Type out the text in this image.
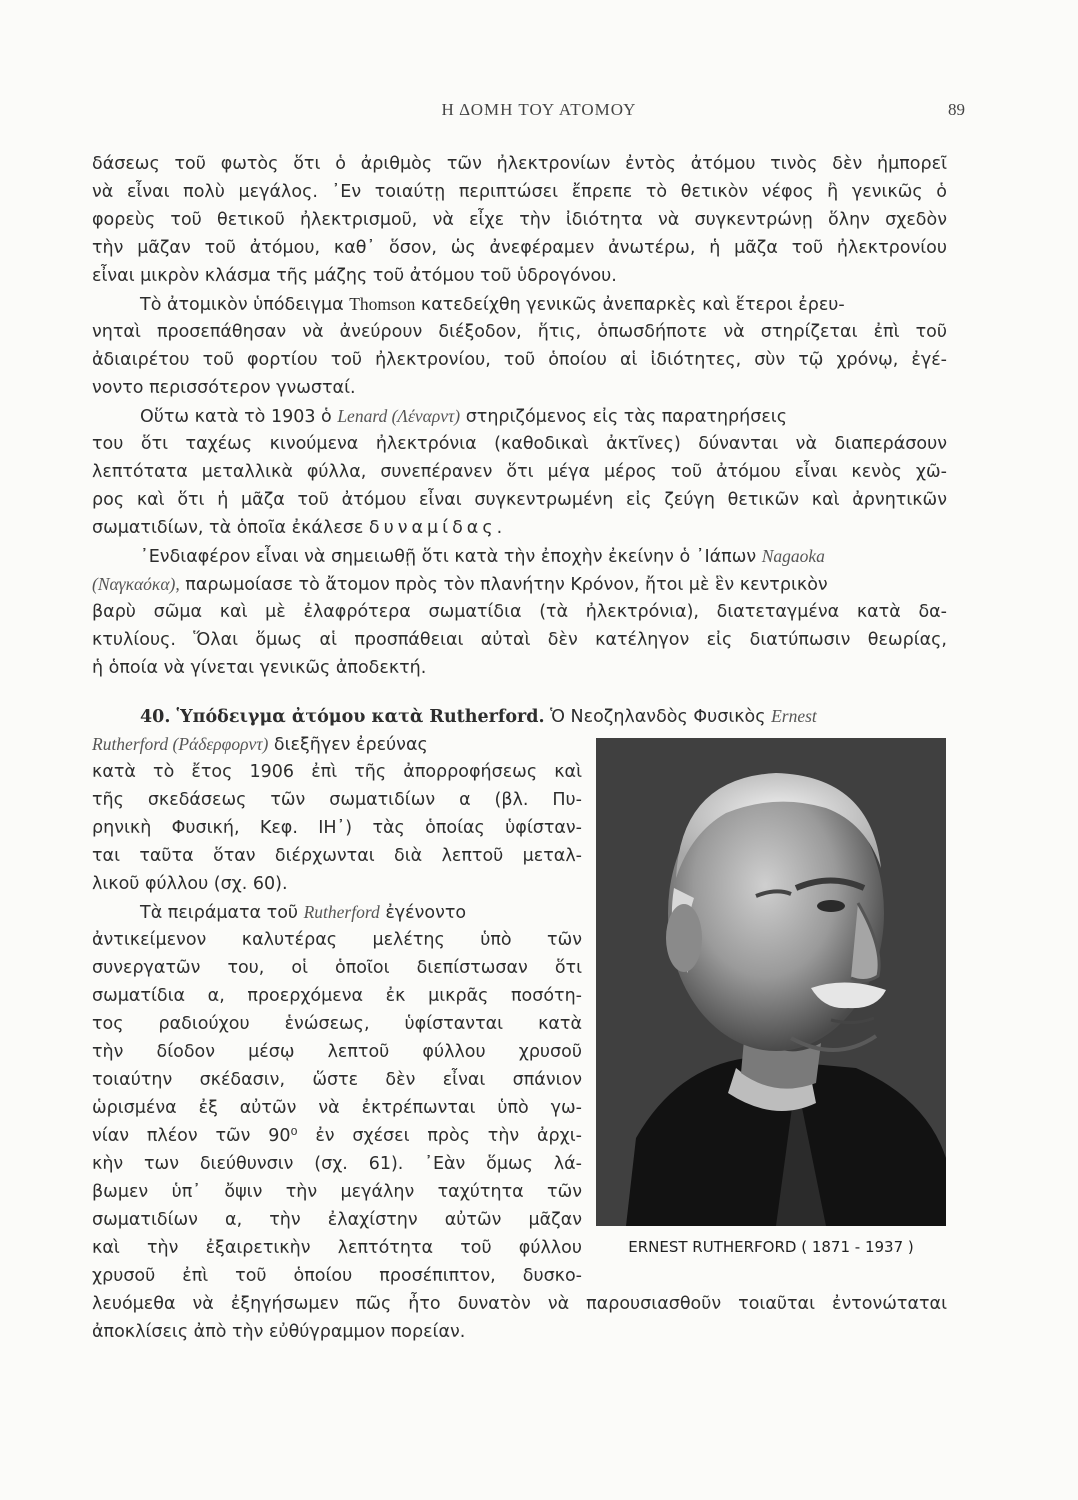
Η ΔΟΜΗ ΤΟΥ ΑΤΟΜΟΥ	89
δάσεως τοῦ φωτὸς ὅτι ὁ ἀριθμὸς τῶν ἠλεκτρονίων ἐντὸς ἀτόμου τινὸς δὲν ἠμπορεῖ
νὰ εἶναι πολὺ μεγάλος. ᾿Εν τοιαύτῃ περιπτώσει ἔπρεπε τὸ θετικὸν νέφος ἢ γενικῶς ὁ
φορεὺς τοῦ θετικοῦ ἠλεκτρισμοῦ, νὰ εἶχε τὴν ἰδιότητα νὰ συγκεντρώνῃ ὅλην σχεδὸν
τὴν μᾶζαν τοῦ ἀτόμου, καθ᾿ ὅσον, ὡς ἀνεφέραμεν ἀνωτέρω, ἡ μᾶζα τοῦ ἠλεκτρονίου
εἶναι μικρὸν κλάσμα τῆς μάζης τοῦ ἀτόμου τοῦ ὑδρογόνου.
Τὸ ἀτομικὸν ὑπόδειγμα Thomson κατεδείχθη γενικῶς ἀνεπαρκὲς καὶ ἕτεροι ἐρευ-
νηταὶ προσεπάθησαν νὰ ἀνεύρουν διέξοδον, ἥτις, ὁπωσδήποτε νὰ στηρίζεται ἐπὶ τοῦ
ἀδιαιρέτου τοῦ φορτίου τοῦ ἠλεκτρονίου, τοῦ ὁποίου αἱ ἰδιότητες, σὺν τῷ χρόνῳ, ἐγέ-
νοντο περισσότερον γνωσταί.
Οὕτω κατὰ τὸ 1903 ὁ Lenard (Λέναρντ) στηριζόμενος εἰς τὰς παρατηρήσεις
του ὅτι ταχέως κινούμενα ἠλεκτρόνια (καθοδικαὶ ἀκτῖνες) δύνανται νὰ διαπεράσουν
λεπτότατα μεταλλικὰ φύλλα, συνεπέρανεν ὅτι μέγα μέρος τοῦ ἀτόμου εἶναι κενὸς χῶ-
ρος καὶ ὅτι ἡ μᾶζα τοῦ ἀτόμου εἶναι συγκεντρωμένη εἰς ζεύγη θετικῶν καὶ ἀρνητικῶν
σωματιδίων, τὰ ὁποῖα ἐκάλεσε δυναμίδας.
᾿Ενδιαφέρον εἶναι νὰ σημειωθῇ ὅτι κατὰ τὴν ἐποχὴν ἐκείνην ὁ ᾿Ιάπων Nagaoka
(Ναγκαόκα), παρωμοίασε τὸ ἄτομον πρὸς τὸν πλανήτην Κρόνον, ἤτοι μὲ ἓν κεντρικὸν
βαρὺ σῶμα καὶ μὲ ἐλαφρότερα σωματίδια (τὰ ἠλεκτρόνια), διατεταγμένα κατὰ δα-
κτυλίους. Ὅλαι ὅμως αἱ προσπάθειαι αὐταὶ δὲν κατέληγον εἰς διατύπωσιν θεωρίας,
ἡ ὁποία νὰ γίνεται γενικῶς ἀποδεκτή.
40. Ὑπόδειγμα ἀτόμου κατὰ Rutherford. Ὁ Νεοζηλανδὸς Φυσικὸς Ernest
Rutherford (Ράδερφορντ) διεξῆγεν ἐρεύνας
κατὰ τὸ ἔτος 1906 ἐπὶ τῆς ἀπορροφήσεως καὶ
τῆς σκεδάσεως τῶν σωματιδίων α (βλ. Πυ-
ρηνικὴ Φυσική, Κεφ. ΙΗ᾿) τὰς ὁποίας ὑφίσταν-
ται ταῦτα ὅταν διέρχωνται διὰ λεπτοῦ μεταλ-
λικοῦ φύλλου (σχ. 60).
Τὰ πειράματα τοῦ Rutherford ἐγένοντο
ἀντικείμενον καλυτέρας μελέτης ὑπὸ τῶν
συνεργατῶν του, οἱ ὁποῖοι διεπίστωσαν ὅτι
σωματίδια α, προερχόμενα ἐκ μικρᾶς ποσότη-
τος ραδιούχου ἑνώσεως, ὑφίστανται κατὰ
τὴν δίοδον μέσῳ λεπτοῦ φύλλου χρυσοῦ
τοιαύτην σκέδασιν, ὥστε δὲν εἶναι σπάνιον
ὡρισμένα ἐξ αὐτῶν νὰ ἐκτρέπωνται ὑπὸ γω-
νίαν πλέον τῶν 90⁰ ἐν σχέσει πρὸς τὴν ἀρχι-
κὴν των διεύθυνσιν (σχ. 61). ᾿Εὰν ὅμως λά-
βωμεν ὑπ᾿ ὄψιν τὴν μεγάλην ταχύτητα τῶν
σωματιδίων α, τὴν ἐλαχίστην αὐτῶν μᾶζαν
καὶ τὴν ἐξαιρετικὴν λεπτότητα τοῦ φύλλου
χρυσοῦ ἐπὶ τοῦ ὁποίου προσέπιπτον, δυσκο-
λευόμεθα νὰ ἐξηγήσωμεν πῶς ἦτο δυνατὸν νὰ παρουσιασθοῦν τοιαῦται ἐντονώταται
ἀποκλίσεις ἀπὸ τὴν εὐθύγραμμον πορείαν.
ERNEST RUTHERFORD ( 1871 - 1937 )
